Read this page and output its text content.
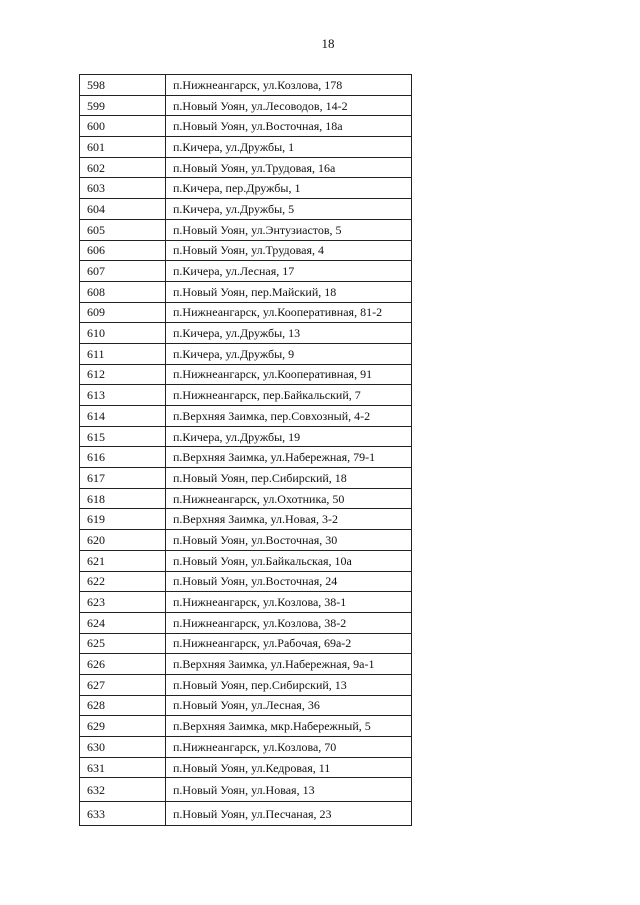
18
598	п.Нижнеангарск, ул.Козлова, 178
599	п.Новый Уоян, ул.Лесоводов, 14-2
600	п.Новый Уоян, ул.Восточная, 18а
601	п.Кичера, ул.Дружбы, 1
602	п.Новый Уоян, ул.Трудовая, 16а
603	п.Кичера, пер.Дружбы, 1
604	п.Кичера, ул.Дружбы, 5
605	п.Новый Уоян, ул.Энтузиастов, 5
606	п.Новый Уоян, ул.Трудовая, 4
607	п.Кичера, ул.Лесная, 17
608	п.Новый Уоян, пер.Майский, 18
609	п.Нижнеангарск, ул.Кооперативная, 81-2
610	п.Кичера, ул.Дружбы, 13
611	п.Кичера, ул.Дружбы, 9
612	п.Нижнеангарск, ул.Кооперативная, 91
613	п.Нижнеангарск, пер.Байкальский, 7
614	п.Верхняя Заимка, пер.Совхозный, 4-2
615	п.Кичера, ул.Дружбы, 19
616	п.Верхняя Заимка, ул.Набережная, 79-1
617	п.Новый Уоян, пер.Сибирский, 18
618	п.Нижнеангарск, ул.Охотника, 50
619	п.Верхняя Заимка, ул.Новая, 3-2
620	п.Новый Уоян, ул.Восточная, 30
621	п.Новый Уоян, ул.Байкальская, 10а
622	п.Новый Уоян, ул.Восточная, 24
623	п.Нижнеангарск, ул.Козлова, 38-1
624	п.Нижнеангарск, ул.Козлова, 38-2
625	п.Нижнеангарск, ул.Рабочая, 69а-2
626	п.Верхняя Заимка, ул.Набережная, 9а-1
627	п.Новый Уоян, пер.Сибирский, 13
628	п.Новый Уоян, ул.Лесная, 36
629	п.Верхняя Заимка, мкр.Набережный, 5
630	п.Нижнеангарск, ул.Козлова, 70
631	п.Новый Уоян, ул.Кедровая, 11
632	п.Новый Уоян, ул.Новая, 13
633	п.Новый Уоян, ул.Песчаная, 23
